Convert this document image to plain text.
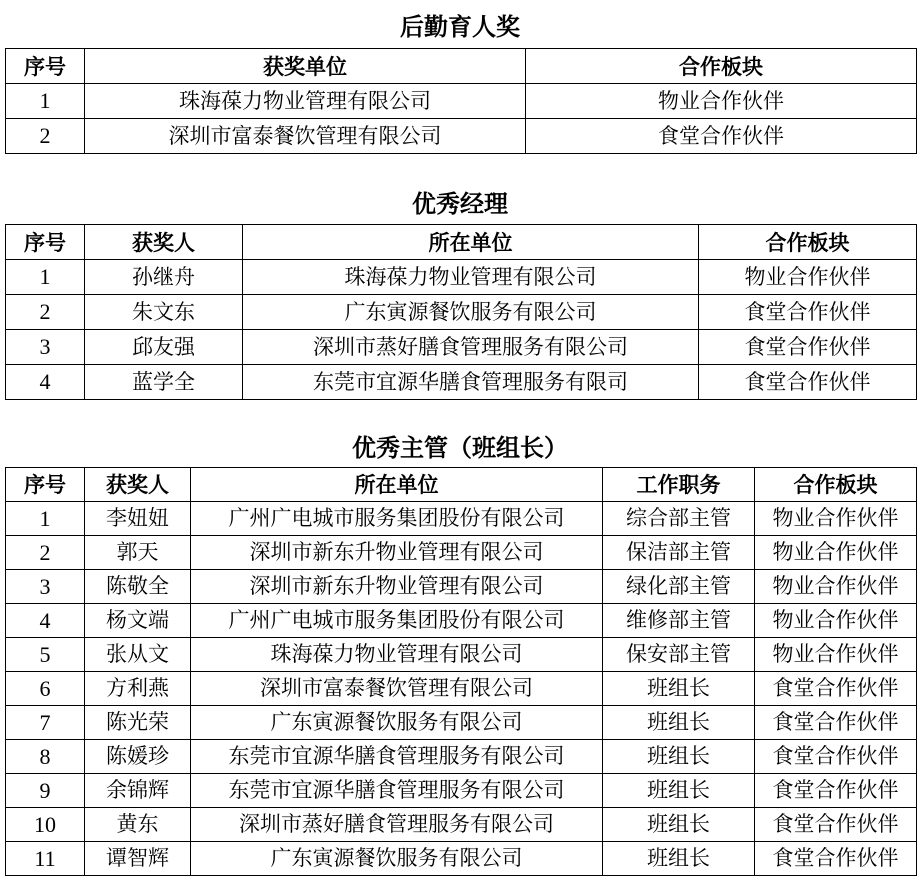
后勤育人奖
序号	获奖单位	合作板块
1	珠海葆力物业管理有限公司	物业合作伙伴
2	深圳市富泰餐饮管理有限公司	食堂合作伙伴
优秀经理
序号	获奖人	所在单位	合作板块
1	孙继舟	珠海葆力物业管理有限公司	物业合作伙伴
2	朱文东	广东寅源餐饮服务有限公司	食堂合作伙伴
3	邱友强	深圳市蒸好膳食管理服务有限公司	食堂合作伙伴
4	蓝学全	东莞市宜源华膳食管理服务有限司	食堂合作伙伴
优秀主管（班组长）
序号	获奖人	所在单位	工作职务	合作板块
1	李妞妞	广州广电城市服务集团股份有限公司	综合部主管	物业合作伙伴
2	郭天	深圳市新东升物业管理有限公司	保洁部主管	物业合作伙伴
3	陈敬全	深圳市新东升物业管理有限公司	绿化部主管	物业合作伙伴
4	杨文端	广州广电城市服务集团股份有限公司	维修部主管	物业合作伙伴
5	张从文	珠海葆力物业管理有限公司	保安部主管	物业合作伙伴
6	方利燕	深圳市富泰餐饮管理有限公司	班组长	食堂合作伙伴
7	陈光荣	广东寅源餐饮服务有限公司	班组长	食堂合作伙伴
8	陈媛珍	东莞市宜源华膳食管理服务有限公司	班组长	食堂合作伙伴
9	余锦辉	东莞市宜源华膳食管理服务有限公司	班组长	食堂合作伙伴
10	黄东	深圳市蒸好膳食管理服务有限公司	班组长	食堂合作伙伴
11	谭智辉	广东寅源餐饮服务有限公司	班组长	食堂合作伙伴
